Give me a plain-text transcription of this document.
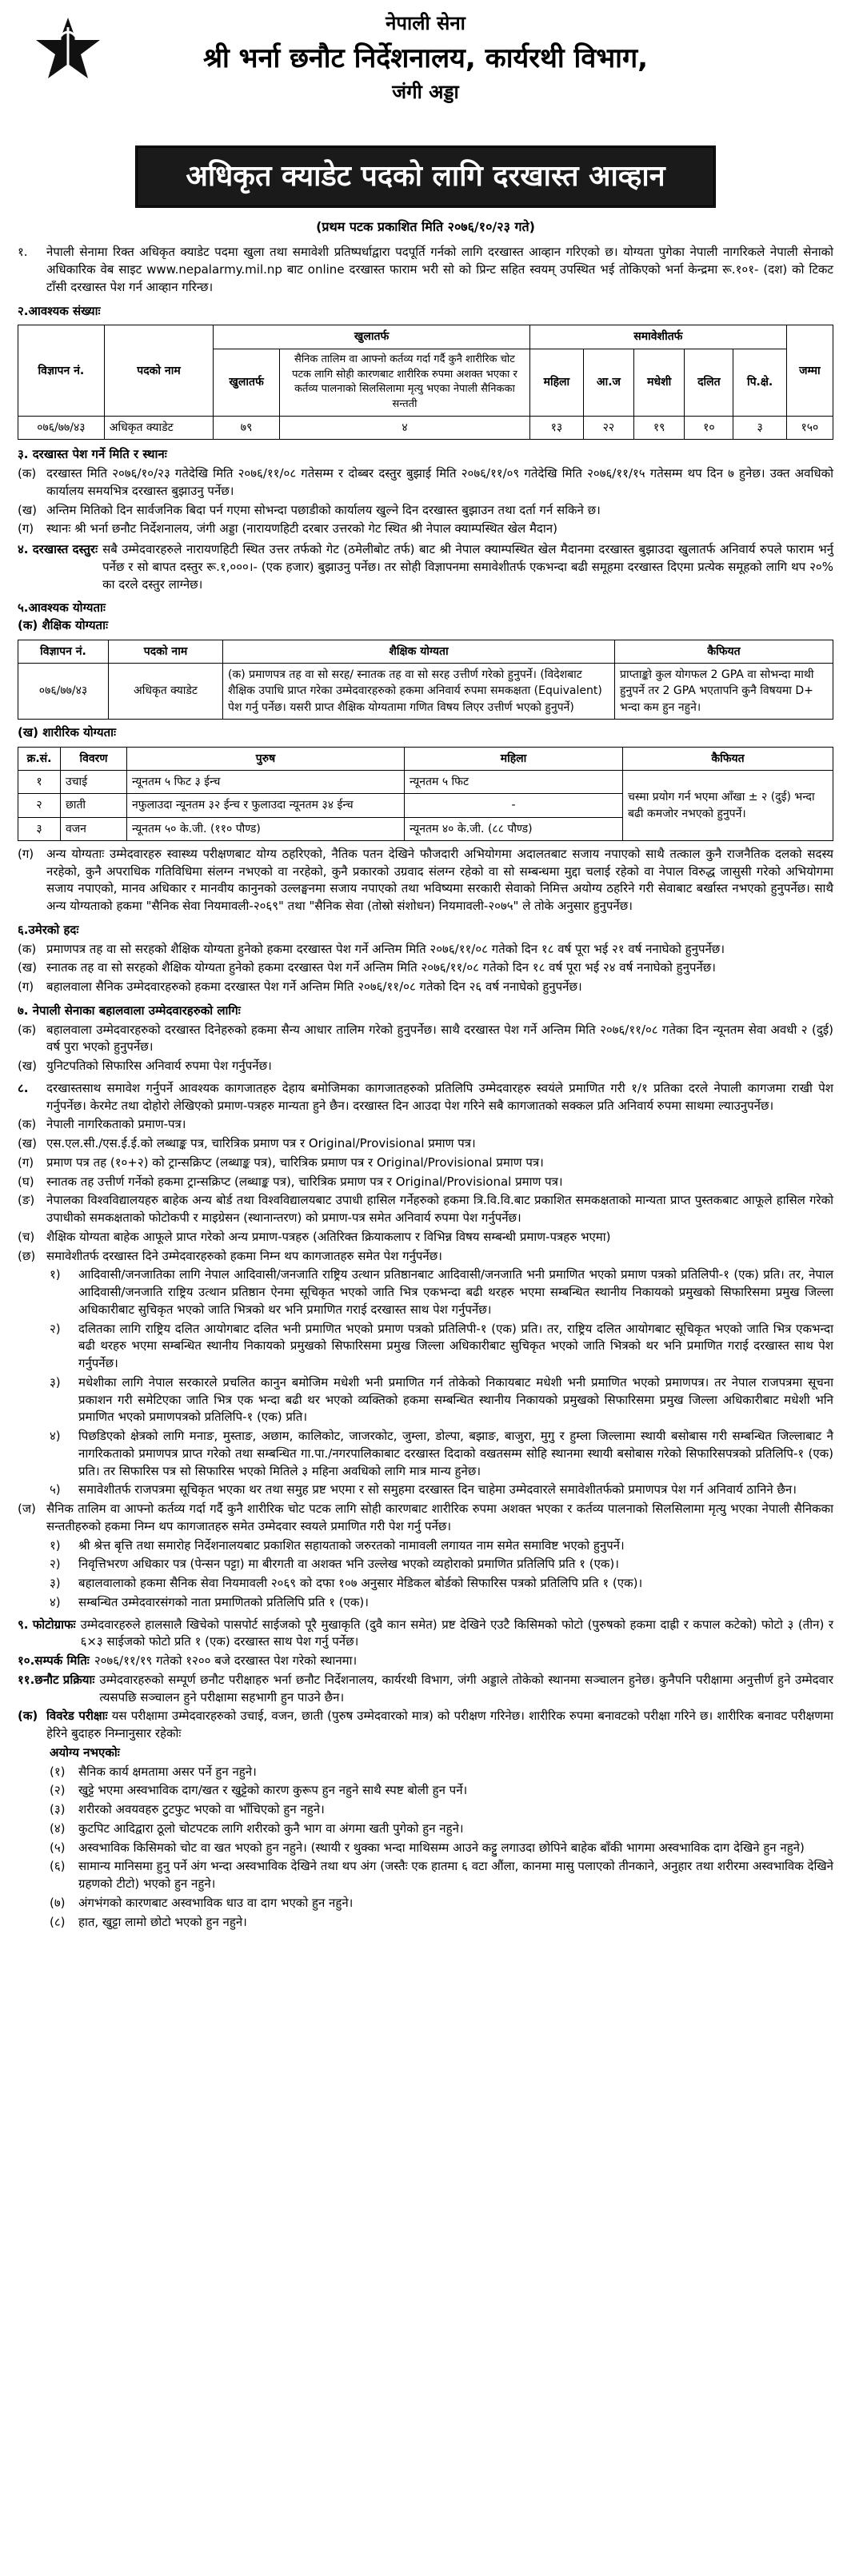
नेपाली सेना
श्री भर्ना छनौट निर्देशनालय, कार्यरथी विभाग,
जंगी अड्डा
अधिकृत क्याडेट पदको लागि दरखास्त आव्हान
(प्रथम पटक प्रकाशित मिति २०७६/१०/२३ गते)
१.	नेपाली सेनामा रिक्त अधिकृत क्याडेट पदमा खुला तथा समावेशी प्रतिष्पर्धाद्वारा पदपूर्ति गर्नको लागि दरखास्त आव्हान गरिएको छ। योग्यता पुगेका नेपाली नागरिकले नेपाली सेनाको अधिकारिक वेब साइट www.nepalarmy.mil.np बाट online दरखास्त फाराम भरी सो को प्रिन्ट सहित स्वयम् उपस्थित भई तोकिएको भर्ना केन्द्रमा रू.१०१- (दश) को टिकट टाँसी दरखास्त पेश गर्न आव्हान गरिन्छ।
२.आवश्यक संख्याः
विज्ञापन नं.	पदको नाम	खुलातर्फ		समावेशीतर्फ					जम्मा
		खुलातर्फ	सैनिक तालिम वा आफ्नो कर्तव्य गर्दा गर्दै कुनै शारीरिक चोट पटक लागि सोही कारणबाट शारीरिक रुपमा अशक्त भएका र कर्तव्य पालनाको सिलसिलामा मृत्यु भएका नेपाली सैनिकका सन्तती	महिला	आ.ज	मधेशी	दलित	पि.क्षे.	
०७६/७७/४३	अधिकृत क्याडेट	७९	४	१३	२२	१९	१०	३	१५०
३. दरखास्त पेश गर्ने मिति र स्थानः
(क) दरखास्त मिति २०७६/१०/२३ गतेदेखि मिति २०७६/११/०८ गतेसम्म र दोब्बर दस्तुर बुझाई मिति २०७६/११/०९ गतेदेखि मिति २०७६/११/१५ गतेसम्म थप दिन ७ हुनेछ। उक्त अवधिको कार्यालय समयभित्र दरखास्त बुझाउनु पर्नेछ।
(ख) अन्तिम मितिको दिन सार्वजनिक बिदा पर्न गएमा सोभन्दा पछाडीको कार्यालय खुल्ने दिन दरखास्त बुझाउन तथा दर्ता गर्न सकिने छ।
(ग)	स्थानः श्री भर्ना छनौट निर्देशनालय, जंगी अड्डा (नारायणहिटी दरबार उत्तरको गेट स्थित श्री नेपाल क्याम्पस्थित खेल मैदान)
४. दरखास्त दस्तुरः सबै उम्मेदवारहरुले नारायणहिटी स्थित उत्तर तर्फको गेट (ठमेलीबोट तर्फ) बाट श्री नेपाल क्याम्पस्थित खेल मैदानमा दरखास्त बुझाउदा खुलातर्फ अनिवार्य रुपले फाराम भर्नु पर्नेछ र सो बापत दस्तुर रू.१,०००।- (एक हजार) बुझाउनु पर्नेछ। तर सोही विज्ञापनमा समावेशीतर्फ एकभन्दा बढी समूहमा दरखास्त दिएमा प्रत्येक समूहको लागि थप २०% का दरले दस्तुर लाग्नेछ।
५.आवश्यक योग्यताः
(क) शैक्षिक योग्यताः
विज्ञापन नं.	पदको नाम	शैक्षिक योग्यता	कैफियत
०७६/७७/४३	अधिकृत क्याडेट	(क) प्रमाणपत्र तह वा सो सरह/ स्नातक तह वा सो सरह उत्तीर्ण गरेको हुनुपर्ने। (विदेशबाट शैक्षिक उपाधि प्राप्त गरेका उम्मेदवारहरुको हकमा अनिवार्य रुपमा समकक्षता (Equivalent) पेश गर्नु पर्नेछ। यसरी प्राप्त शैक्षिक योग्यतामा गणित विषय लिएर उत्तीर्ण भएको हुनुपर्ने)	प्राप्ताङ्को कुल योगफल 2 GPA वा सोभन्दा माथी हुनुपर्ने तर 2 GPA भएतापनि कुनै विषयमा D+ भन्दा कम हुन नहुने।
(ख) शारीरिक योग्यताः
क्र.सं.	विवरण	पुरुष	महिला	कैफियत
१	उचाई	न्यूनतम ५ फिट ३ ईन्च	न्यूनतम ५ फिट	चस्मा प्रयोग गर्न भएमा आँखा ± २ (दुई) भन्दा बढी कमजोर नभएको हुनुपर्ने।
२	छाती	नफुलाउदा न्यूनतम ३२ ईन्च र फुलाउदा न्यूनतम ३४ ईन्च	-	
३	वजन	न्यूनतम ५० के.जी. (११० पौण्ड)	न्यूनतम ४० के.जी. (८८ पौण्ड)	
(ग)	अन्य योग्यताः उम्मेदवारहरु स्वास्थ्य परीक्षणबाट योग्य ठहरिएको, नैतिक पतन देखिने फौजदारी अभियोगमा अदालतबाट सजाय नपाएको साथै तत्काल कुनै राजनैतिक दलको सदस्य नरहेको, कुनै अपराधिक गतिविधिमा संलग्न नभएको वा नरहेको, कुनै प्रकारको उग्रवाद संलग्न रहेको वा सो सम्बन्धमा मुद्दा चलाई रहेको वा नेपाल विरुद्ध जासुसी गरेको अभियोगमा सजाय नपाएको, मानव अधिकार र मानवीय कानुनको उल्लङ्घनमा सजाय नपाएको तथा भविष्यमा सरकारी सेवाको निमित्त अयोग्य ठहरिने गरी सेवाबाट बर्खास्त नभएको हुनुपर्नेछ। साथै अन्य योग्यताको हकमा "सैनिक सेवा नियमावली-२०६९" तथा "सैनिक सेवा (तोस्रो संशोधन) नियमावली-२०७५" ले तोके अनुसार हुनुपर्नेछ।
६.उमेरको हदः
(क) प्रमाणपत्र तह वा सो सरहको शैक्षिक योग्यता हुनेको हकमा दरखास्त पेश गर्ने अन्तिम मिति २०७६/११/०८ गतेको दिन १८ वर्ष पूरा भई २१ वर्ष ननाघेको हुनुपर्नेछ।
(ख) स्नातक तह वा सो सरहको शैक्षिक योग्यता हुनेको हकमा दरखास्त पेश गर्ने अन्तिम मिति २०७६/११/०८ गतेको दिन १८ वर्ष पूरा भई २४ वर्ष ननाघेको हुनुपर्नेछ।
(ग)	बहालवाला सैनिक उम्मेदवारहरुको हकमा दरखास्त पेश गर्ने अन्तिम मिति २०७६/११/०८ गतेको दिन २६ वर्ष ननाघेको हुनुपर्नेछ।
७. नेपाली सेनाका बहालवाला उम्मेदवारहरुको लागिः
(क) बहालवाला उम्मेदवारहरुको दरखास्त दिनेहरुको हकमा सैन्य आधार तालिम गरेको हुनुपर्नेछ। साथै दरखास्त पेश गर्ने अन्तिम मिति २०७६/११/०८ गतेका दिन न्यूनतम सेवा अवधी २ (दुई) वर्ष पुरा भएको हुनुपर्नेछ।
(ख) युनिटपतिको सिफारिस अनिवार्य रुपमा पेश गर्नुपर्नेछ।
८.	दरखास्तसाथ समावेश गर्नुपर्ने आवश्यक कागजातहरु देहाय बमोजिमका कागजातहरुको प्रतिलिपि उम्मेदवारहरु स्वयंले प्रमाणित गरी १/१ प्रतिका दरले नेपाली कागजमा राखी पेश गर्नुपर्नेछ। केरमेट तथा दोहोरो लेखिएको प्रमाण-पत्रहरु मान्यता हुने छैन। दरखास्त दिन आउदा पेश गरिने सबै कागजातको सक्कल प्रति अनिवार्य रुपमा साथमा ल्याउनुपर्नेछ।
(क) नेपाली नागरिकताको प्रमाण-पत्र।
(ख) एस.एल.सी./एस.ई.ई.को लब्धाङ्क पत्र, चारित्रिक प्रमाण पत्र र Original/Provisional प्रमाण पत्र।
(ग)	प्रमाण पत्र तह (१०+२) को ट्रान्सक्रिप्ट (लब्धाङ्क पत्र), चारित्रिक प्रमाण पत्र र Original/Provisional प्रमाण पत्र।
(घ)	स्नातक तह उत्तीर्ण गर्नेको हकमा ट्रान्सक्रिप्ट (लब्धाङ्क पत्र), चारित्रिक प्रमाण पत्र र Original/Provisional प्रमाण पत्र।
(ङ) नेपालका विश्वविद्यालयहरु बाहेक अन्य बोर्ड तथा विश्वविद्यालयबाट उपाधी हासिल गर्नेहरुको हकमा त्रि.वि.वि.बाट प्रकाशित समकक्षताको मान्यता प्राप्त पुस्तकबाट आफूले हासिल गरेको उपाधीको समकक्षताको फोटोकपी र माइग्रेसन (स्थानान्तरण) को प्रमाण-पत्र समेत अनिवार्य रुपमा पेश गर्नुपर्नेछ।
(च) शैक्षिक योग्यता बाहेक आफूले प्राप्त गरेको अन्य प्रमाण-पत्रहरु (अतिरिक्त क्रियाकलाप र विभिन्न विषय सम्बन्धी प्रमाण-पत्रहरु भएमा)
(छ) समावेशीतर्फ दरखास्त दिने उम्मेदवारहरुको हकमा निम्न थप कागजातहरु समेत पेश गर्नुपर्नेछ।
१)	आदिवासी/जनजातिका लागि नेपाल आदिवासी/जनजाति राष्ट्रिय उत्थान प्रतिष्ठानबाट आदिवासी/जनजाति भनी प्रमाणित भएको प्रमाण पत्रको प्रतिलिपी-१ (एक) प्रति। तर, नेपाल आदिवासी/जनजाति राष्ट्रिय उत्थान प्रतिष्ठान ऐनमा सूचिकृत भएको जाति भित्र एकभन्दा बढी थरहरु भएमा सम्बन्धित स्थानीय निकायको प्रमुखको सिफारिसमा प्रमुख जिल्ला अधिकारीबाट सुचिकृत भएको जाति भित्रको थर भनि प्रमाणित गराई दरखास्त साथ पेश गर्नुपर्नेछ।
२)	दलितका लागि राष्ट्रिय दलित आयोगबाट दलित भनी प्रमाणित भएको प्रमाण पत्रको प्रतिलिपी-१ (एक) प्रति। तर, राष्ट्रिय दलित आयोगबाट सूचिकृत भएको जाति भित्र एकभन्दा बढी थरहरु भएमा सम्बन्धित स्थानीय निकायको प्रमुखको सिफारिसमा प्रमुख जिल्ला अधिकारीबाट सुचिकृत भएको जाति भित्रको थर भनि प्रमाणित गराई दरखास्त साथ पेश गर्नुपर्नेछ।
३)	मधेशीका लागि नेपाल सरकारले प्रचलित कानुन बमोजिम मधेशी भनी प्रमाणित गर्न तोकेको निकायबाट मधेशी भनी प्रमाणित भएको प्रमाणपत्र। तर नेपाल राजपत्रमा सूचना प्रकाशन गरी समेटिएका जाति भित्र एक भन्दा बढी थर भएको व्यक्तिको हकमा सम्बन्धित स्थानीय निकायको प्रमुखको सिफारिसमा प्रमुख जिल्ला अधिकारीबाट मधेशी भनि प्रमाणित भएको प्रमाणपत्रको प्रतिलिपि-१ (एक) प्रति।
४)	पिछडिएको क्षेत्रको लागि मनाङ, मुस्ताङ, अछाम, कालिकोट, जाजरकोट, जुम्ला, डोल्पा, बझाङ, बाजुरा, मुगु र हुम्ला जिल्लामा स्थायी बसोबास गरी सम्बन्धित जिल्लाबाट नै नागरिकताको प्रमाणपत्र प्राप्त गरेको तथा सम्बन्धित गा.पा./नगरपालिकाबाट दरखास्त दिदाको वखतसम्म सोहि स्थानमा स्थायी बसोबास गरेको सिफारिसपत्रको प्रतिलिपि-१ (एक) प्रति। तर सिफारिस पत्र सो सिफारिस भएको मितिले ३ महिना अवधिको लागि मात्र मान्य हुनेछ।
५)	समावेशीतर्फ राजपत्रमा सूचिकृत भएका थर तथा समुह प्रष्ट भएमा र सो समुहमा दरखास्त दिन चाहेमा उम्मेदवारले समावेशीतर्फको प्रमाणपत्र पेश गर्न अनिवार्य ठानिने छैन।
(ज) सैनिक तालिम वा आफ्नो कर्तव्य गर्दा गर्दै कुनै शारीरिक चोट पटक लागि सोही कारणबाट शारीरिक रुपमा अशक्त भएका र कर्तव्य पालनाको सिलसिलामा मृत्यु भएका नेपाली सैनिकका सन्ततीहरुको हकमा निम्न थप कागजातहरु समेत उम्मेदवार स्वयले प्रमाणित गरी पेश गर्नु पर्नेछ।
१)	श्री श्रेत्त बृत्ति तथा समारोह निर्देशनालयबाट प्रकाशित सहायताको जरुरतको नामावली लगायत नाम समेत समाविष्ट भएको हुनुपर्ने।
२)	निवृत्तिभरण अधिकार पत्र (पेन्सन पट्टा) मा बीरगती वा अशक्त भनि उल्लेख भएको व्यहोराको प्रमाणित प्रतिलिपि प्रति १ (एक)।
३)	बहालवालाको हकमा सैनिक सेवा नियमावली २०६९ को दफा १०७ अनुसार मेडिकल बोर्डको सिफारिस पत्रको प्रतिलिपि प्रति १ (एक)।
४)	सम्बन्धित उम्मेदवारसंगको नाता प्रमाणितको प्रतिलिपि प्रति १ (एक)।
९. फोटोग्राफः उम्मेदवारहरुले हालसालै खिचेको पासपोर्ट साईजको पूरै मुखाकृति (दुवै कान समेत) प्रष्ट देखिने एउटै किसिमको फोटो (पुरुषको हकमा दाह्री र कपाल कटेको) फोटो ३ (तीन) र ६×३ साईजको फोटो प्रति १ (एक) दरखास्त साथ पेश गर्नु पर्नेछ।
१०.सम्पर्क मितिः २०७६/११/१९ गतेको १२०० बजे दरखास्त पेश गरेको स्थानमा।
११.छनौट प्रक्रियाः उम्मेदवारहरुको सम्पूर्ण छनौट परीक्षाहरु भर्ना छनौट निर्देशनालय, कार्यरथी विभाग, जंगी अड्डाले तोकेको स्थानमा सञ्चालन हुनेछ। कुनैपनि परीक्षामा अनुत्तीर्ण हुने उम्मेदवार त्यसपछि सञ्चालन हुने परीक्षामा सहभागी हुन पाउने छैन।
(क) विवरेड परीक्षाः यस परीक्षामा उम्मेदवारहरुको उचाई, वजन, छाती (पुरुष उम्मेदवारको मात्र) को परीक्षण गरिनेछ। शारीरिक रुपमा बनावटको परीक्षा गरिने छ। शारीरिक बनावट परीक्षणमा हेरिने बुदाहरु निम्नानुसार रहेकोः
अयोग्य नभएकोः
(१)	सैनिक कार्य क्षमतामा असर पर्ने हुन नहुने।
(२)	खुट्टे भएमा अस्वभाविक दाग/खत र खुट्टेको कारण कुरूप हुन नहुने साथै स्पष्ट बोली हुन पर्ने।
(३)	शरीरको अवयवहरु टुटफुट भएको वा भाँचिएको हुन नहुने।
(४)	कुटपिट आदिद्वारा ठूलो चोटपटक लागि शरीरको कुनै भाग वा अंगमा खती पुगेको हुन नहुने।
(५)	अस्वभाविक किसिमको चोट वा खत भएको हुन नहुने। (स्थायी र थुक्का भन्दा माथिसम्म आउने कट्टु लगाउदा छोपिने बाहेक बाँकी भागमा अस्वभाविक दाग देखिने हुन नहुने)
(६)	सामान्य मानिसमा हुनु पर्ने अंग भन्दा अस्वभाविक देखिने तथा थप अंग (जस्तैः एक हातमा ६ वटा औंला, कानमा मासु पलाएको तीनकाने, अनुहार तथा शरीरमा अस्वभाविक देखिने ग्रहणको टीटो) भएको हुन नहुने।
(७)	अंगभंगको कारणबाट अस्वभाविक धाउ वा दाग भएको हुन नहुने।
(८)	हात, खुट्टा लामो छोटो भएको हुन नहुने।
